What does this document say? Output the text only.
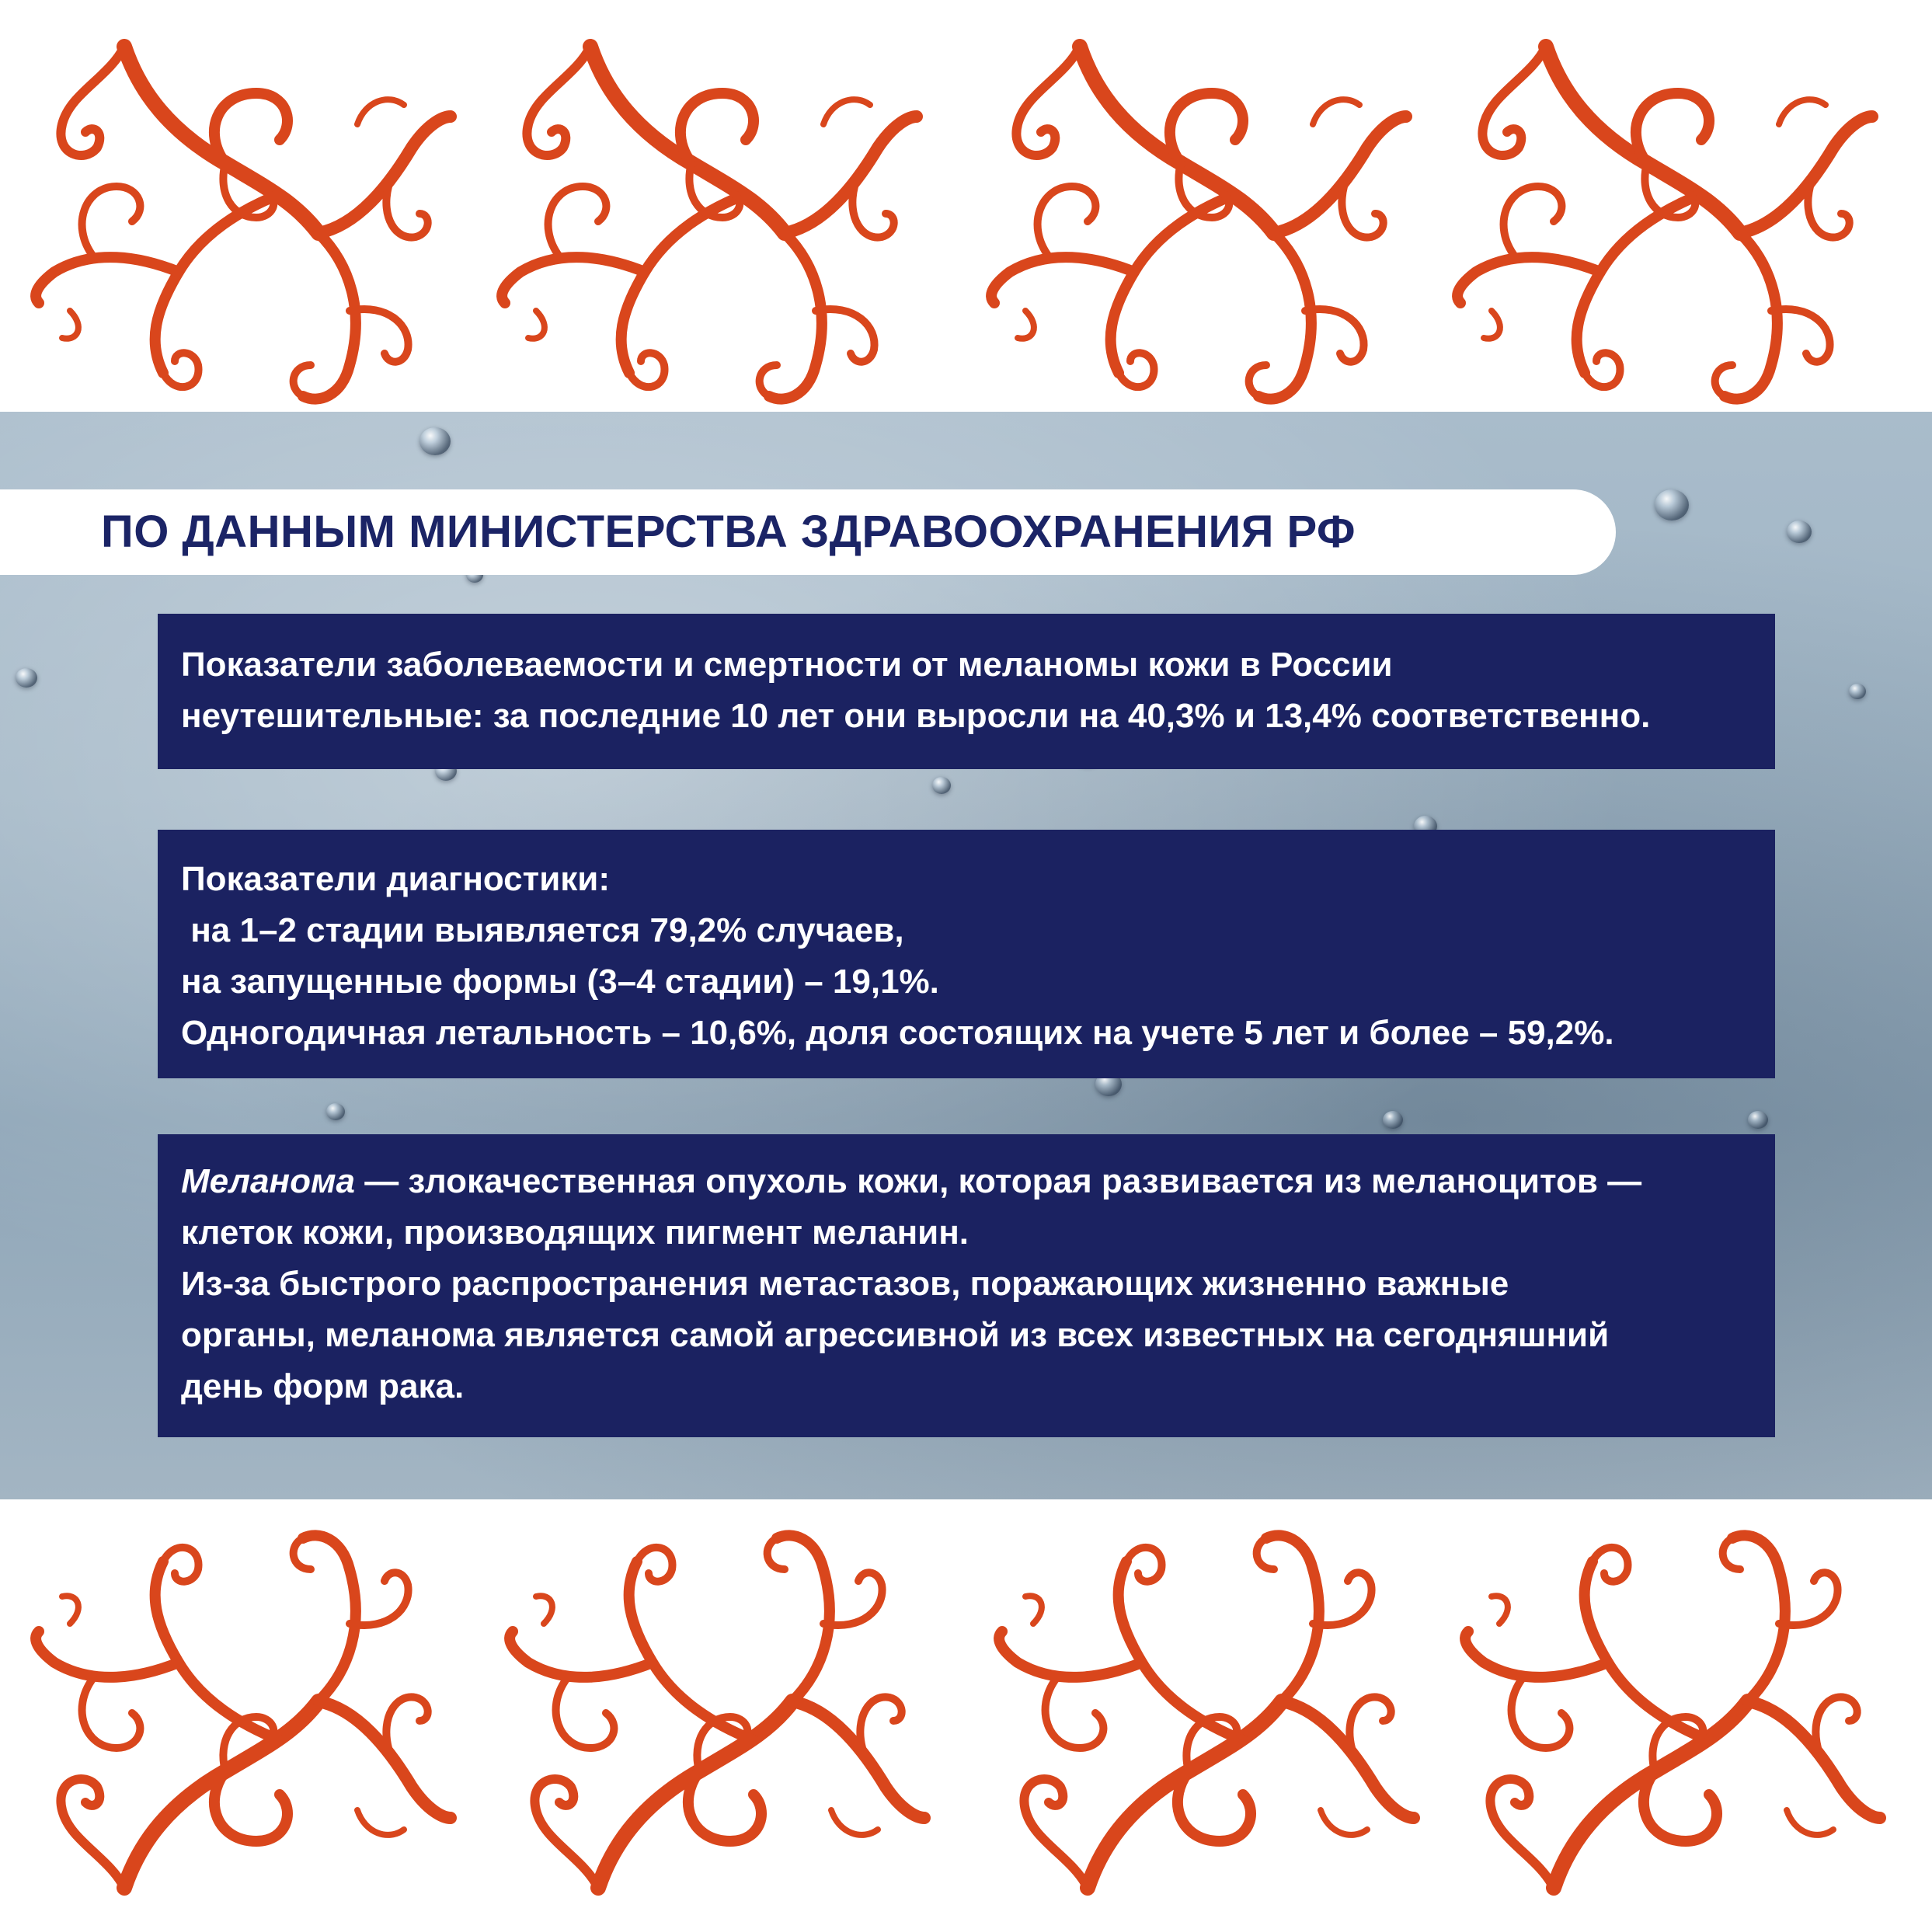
ПО ДАННЫМ МИНИСТЕРСТВА ЗДРАВООХРАНЕНИЯ РФ
Показатели заболеваемости и смертности от меланомы кожи в России
неутешительные: за последние 10 лет они выросли на 40,3% и 13,4% соответственно.
Показатели диагностики:
на 1–2 стадии выявляется 79,2% случаев,
на запущенные формы (3–4 стадии) – 19,1%.
Одногодичная летальность – 10,6%, доля состоящих на учете 5 лет и более – 59,2%.
Меланома — злокачественная опухоль кожи, которая развивается из меланоцитов —
клеток кожи, производящих пигмент меланин.
Из-за быстрого распространения метастазов, поражающих жизненно важные
органы, меланома является самой агрессивной из всех известных на сегодняшний
день форм рака.
